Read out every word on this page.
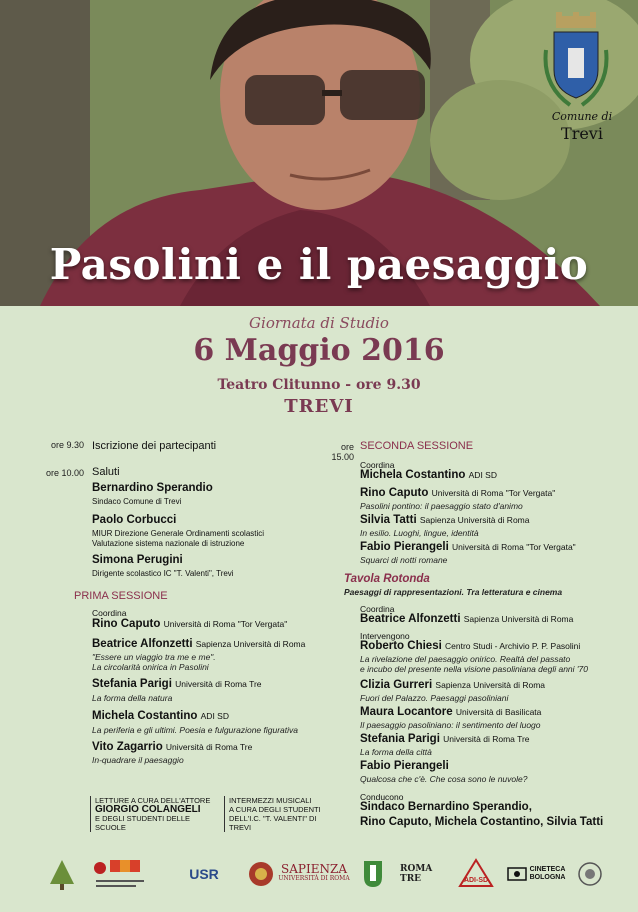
Comune di
Trevi
Pasolini e il paesaggio
Giornata di Studio
6 Maggio 2016
Teatro Clitunno - ore 9.30
TREVI
ore 9.30 Iscrizione dei partecipanti
ore 10.00 Saluti
Bernardino Sperandio
Sindaco Comune di Trevi
Paolo Corbucci
MIUR Direzione Generale Ordinamenti scolastici
Valutazione sistema nazionale di istruzione
Simona Perugini
Dirigente scolastico IC "T. Valenti", Trevi
PRIMA SESSIONE
Coordina
Rino Caputo Università di Roma "Tor Vergata"
Beatrice Alfonzetti Sapienza Università di Roma
"Essere un viaggio tra me e me".
La circolarità onirica in Pasolini
Stefania Parigi Università di Roma Tre
La forma della natura
Michela Costantino ADI SD
La periferia e gli ultimi. Poesia e fulgurazione figurativa
Vito Zagarrio Università di Roma Tre
In-quadrare il paesaggio
LETTURE A CURA DELL'ATTORE
GIORGIO COLANGELI
E DEGLI STUDENTI DELLE SCUOLE
INTERMEZZI MUSICALI
A CURA DEGLI STUDENTI
DELL'I.C. "T. VALENTI" DI TREVI
ore 15.00
SECONDA SESSIONE
Coordina
Michela Costantino ADI SD
Rino Caputo Università di Roma "Tor Vergata"
Pasolini pontino: il paesaggio stato d'animo
Silvia Tatti Sapienza Università di Roma
In esilio. Luoghi, lingue, identità
Fabio Pierangeli Università di Roma "Tor Vergata"
Squarci di notti romane
Tavola Rotonda
Paesaggi di rappresentazioni. Tra letteratura e cinema
Coordina
Beatrice Alfonzetti Sapienza Università di Roma
Intervengono
Roberto Chiesi Centro Studi - Archivio P. P. Pasolini
La rivelazione del paesaggio onirico. Realtà del passato
e incubo del presente nella visione pasoliniana degli anni '70
Clizia Gurreri Sapienza Università di Roma
Fuori del Palazzo. Paesaggi pasoliniani
Maura Locantore Università di Basilicata
Il paesaggio pasoliniano: il sentimento del luogo
Stefania Parigi Università di Roma Tre
La forma della città
Fabio Pierangeli
Qualcosa che c'è. Che cosa sono le nuvole?
Conducono
Sindaco Bernardino Sperandio,
Rino Caputo, Michela Costantino, Silvia Tatti
USR	SAPIENZA
UNIVERSITÀ DI ROMA
ROMA TRE	ADI-SD
CINETECA
BOLOGNA
